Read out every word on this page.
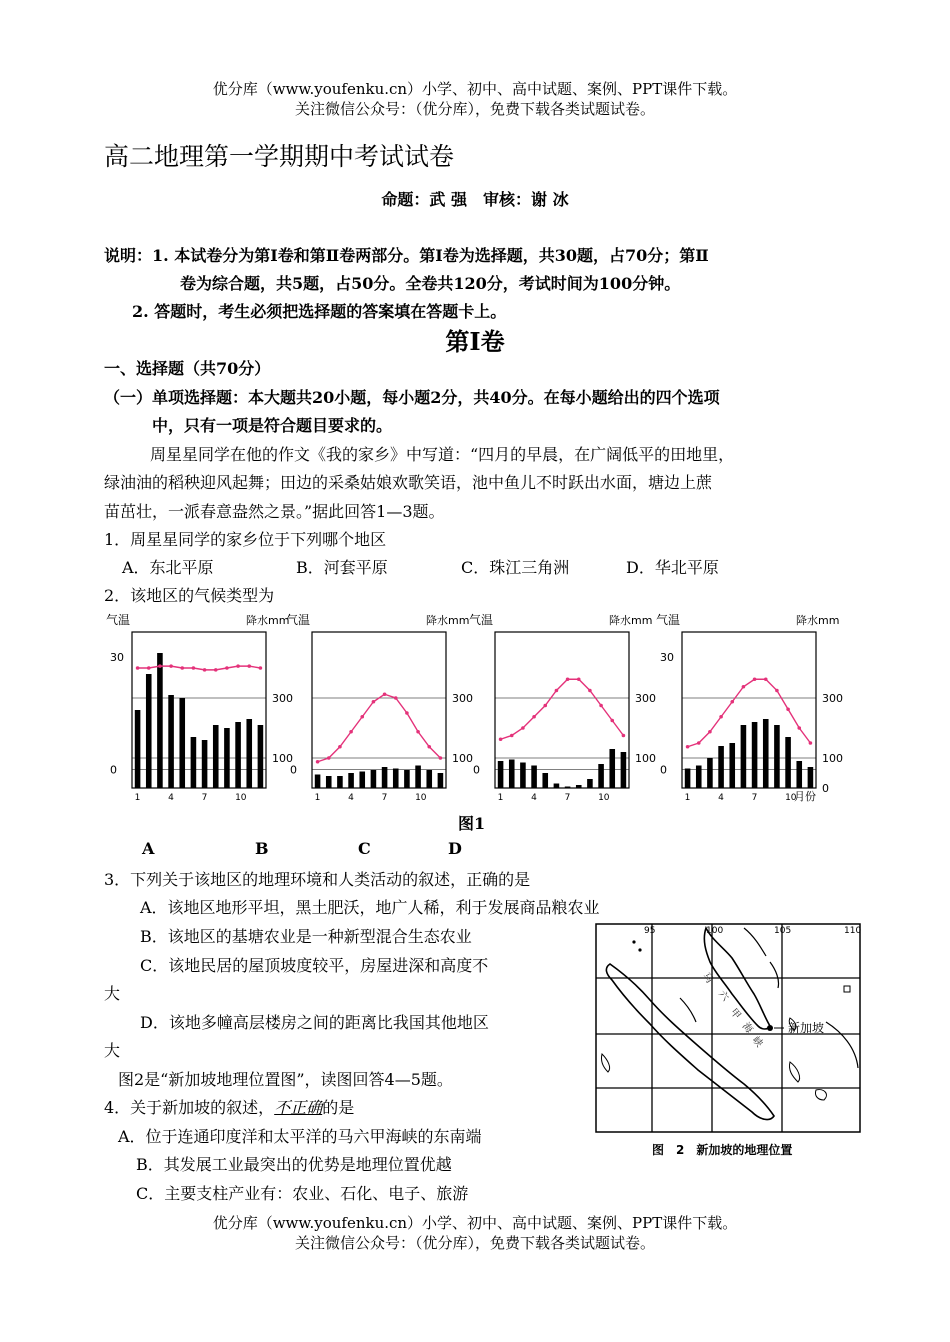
优分库（www.youfenku.cn）小学、初中、高中试题、案例、PPT课件下载。
关注微信公众号：（优分库），免费下载各类试题试卷。
高二地理第一学期期中考试试卷
命题：武 强　审核：谢 冰
说明：1. 本试卷分为第Ⅰ卷和第Ⅱ卷两部分。第Ⅰ卷为选择题，共30题，占70分；第Ⅱ
卷为综合题，共5题，占50分。全卷共120分，考试时间为100分钟。
2. 答题时，考生必须把选择题的答案填在答题卡上。
第Ⅰ卷
一、选择题（共70分）
（一）单项选择题：本大题共20小题，每小题2分，共40分。在每小题给出的四个选项
中，只有一项是符合题目要求的。
周星星同学在他的作文《我的家乡》中写道：“四月的早晨，在广阔低平的田地里，
绿油油的稻秧迎风起舞；田边的采桑姑娘欢歌笑语，池中鱼儿不时跃出水面，塘边上蔗
苗茁壮，一派春意盎然之景。”据此回答1—3题。
1．周星星同学的家乡位于下列哪个地区
A．东北平原	B．河套平原	C．珠江三角洲	D．华北平原
2．该地区的气候类型为
气温	降水mm
30
0
300
100
1	4	7	10
气温	降水mm
0
300
100
1	4	7	10
气温	降水mm
0
300
100
1	4	7	10
气温	降水mm
30
0
300
100
0
1	4	7	10
月份
图1
A	B	C	D
3．下列关于该地区的地理环境和人类活动的叙述，正确的是
A．该地区地形平坦，黑土肥沃，地广人稀，利于发展商品粮农业
B．该地区的基塘农业是一种新型混合生态农业
C．该地民居的屋顶坡度较平，房屋进深和高度不
大
D．该地多幢高层楼房之间的距离比我国其他地区
大
图2是“新加坡地理位置图”，读图回答4—5题。
4．关于新加坡的叙述，不正确的是
A．位于连通印度洋和太平洋的马六甲海峡的东南端
B．其发展工业最突出的优势是地理位置优越
C．主要支柱产业有：农业、石化、电子、旅游
新加坡
马
六
甲
海
峡
95	100	105	110
图　2　新加坡的地理位置
优分库（www.youfenku.cn）小学、初中、高中试题、案例、PPT课件下载。
关注微信公众号：（优分库），免费下载各类试题试卷。
